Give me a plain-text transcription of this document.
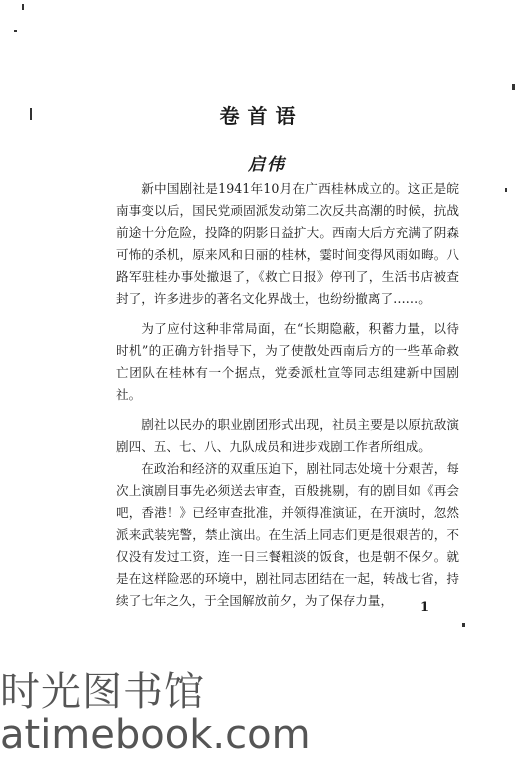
卷首语
启伟

新中国剧社是1941年10月在广西桂林成立的。这正是皖南事变以后，国民党顽固派发动第二次反共高潮的时候，抗战前途十分危险，投降的阴影日益扩大。西南大后方充满了阴森可怖的杀机，原来风和日丽的桂林，霎时间变得风雨如晦。八路军驻桂办事处撤退了，《救亡日报》停刊了，生活书店被查封了，许多进步的著名文化界战士，也纷纷撤离了……。

为了应付这种非常局面，在“长期隐蔽，积蓄力量，以待时机”的正确方针指导下，为了使散处西南后方的一些革命救亡团队在桂林有一个据点，党委派杜宣等同志组建新中国剧社。

剧社以民办的职业剧团形式出现，社员主要是以原抗敌演剧四、五、七、八、九队成员和进步戏剧工作者所组成。

在政治和经济的双重压迫下，剧社同志处境十分艰苦，每次上演剧目事先必须送去审查，百般挑剔，有的剧目如《再会吧，香港！》已经审查批准，并领得准演证，在开演时，忽然派来武装宪警，禁止演出。在生活上同志们更是很艰苦的，不仅没有发过工资，连一日三餐粗淡的饭食，也是朝不保夕。就是在这样险恶的环境中，剧社同志团结在一起，转战七省，持续了七年之久，于全国解放前夕，为了保存力量，	1
时光图书馆
atimebook.com
